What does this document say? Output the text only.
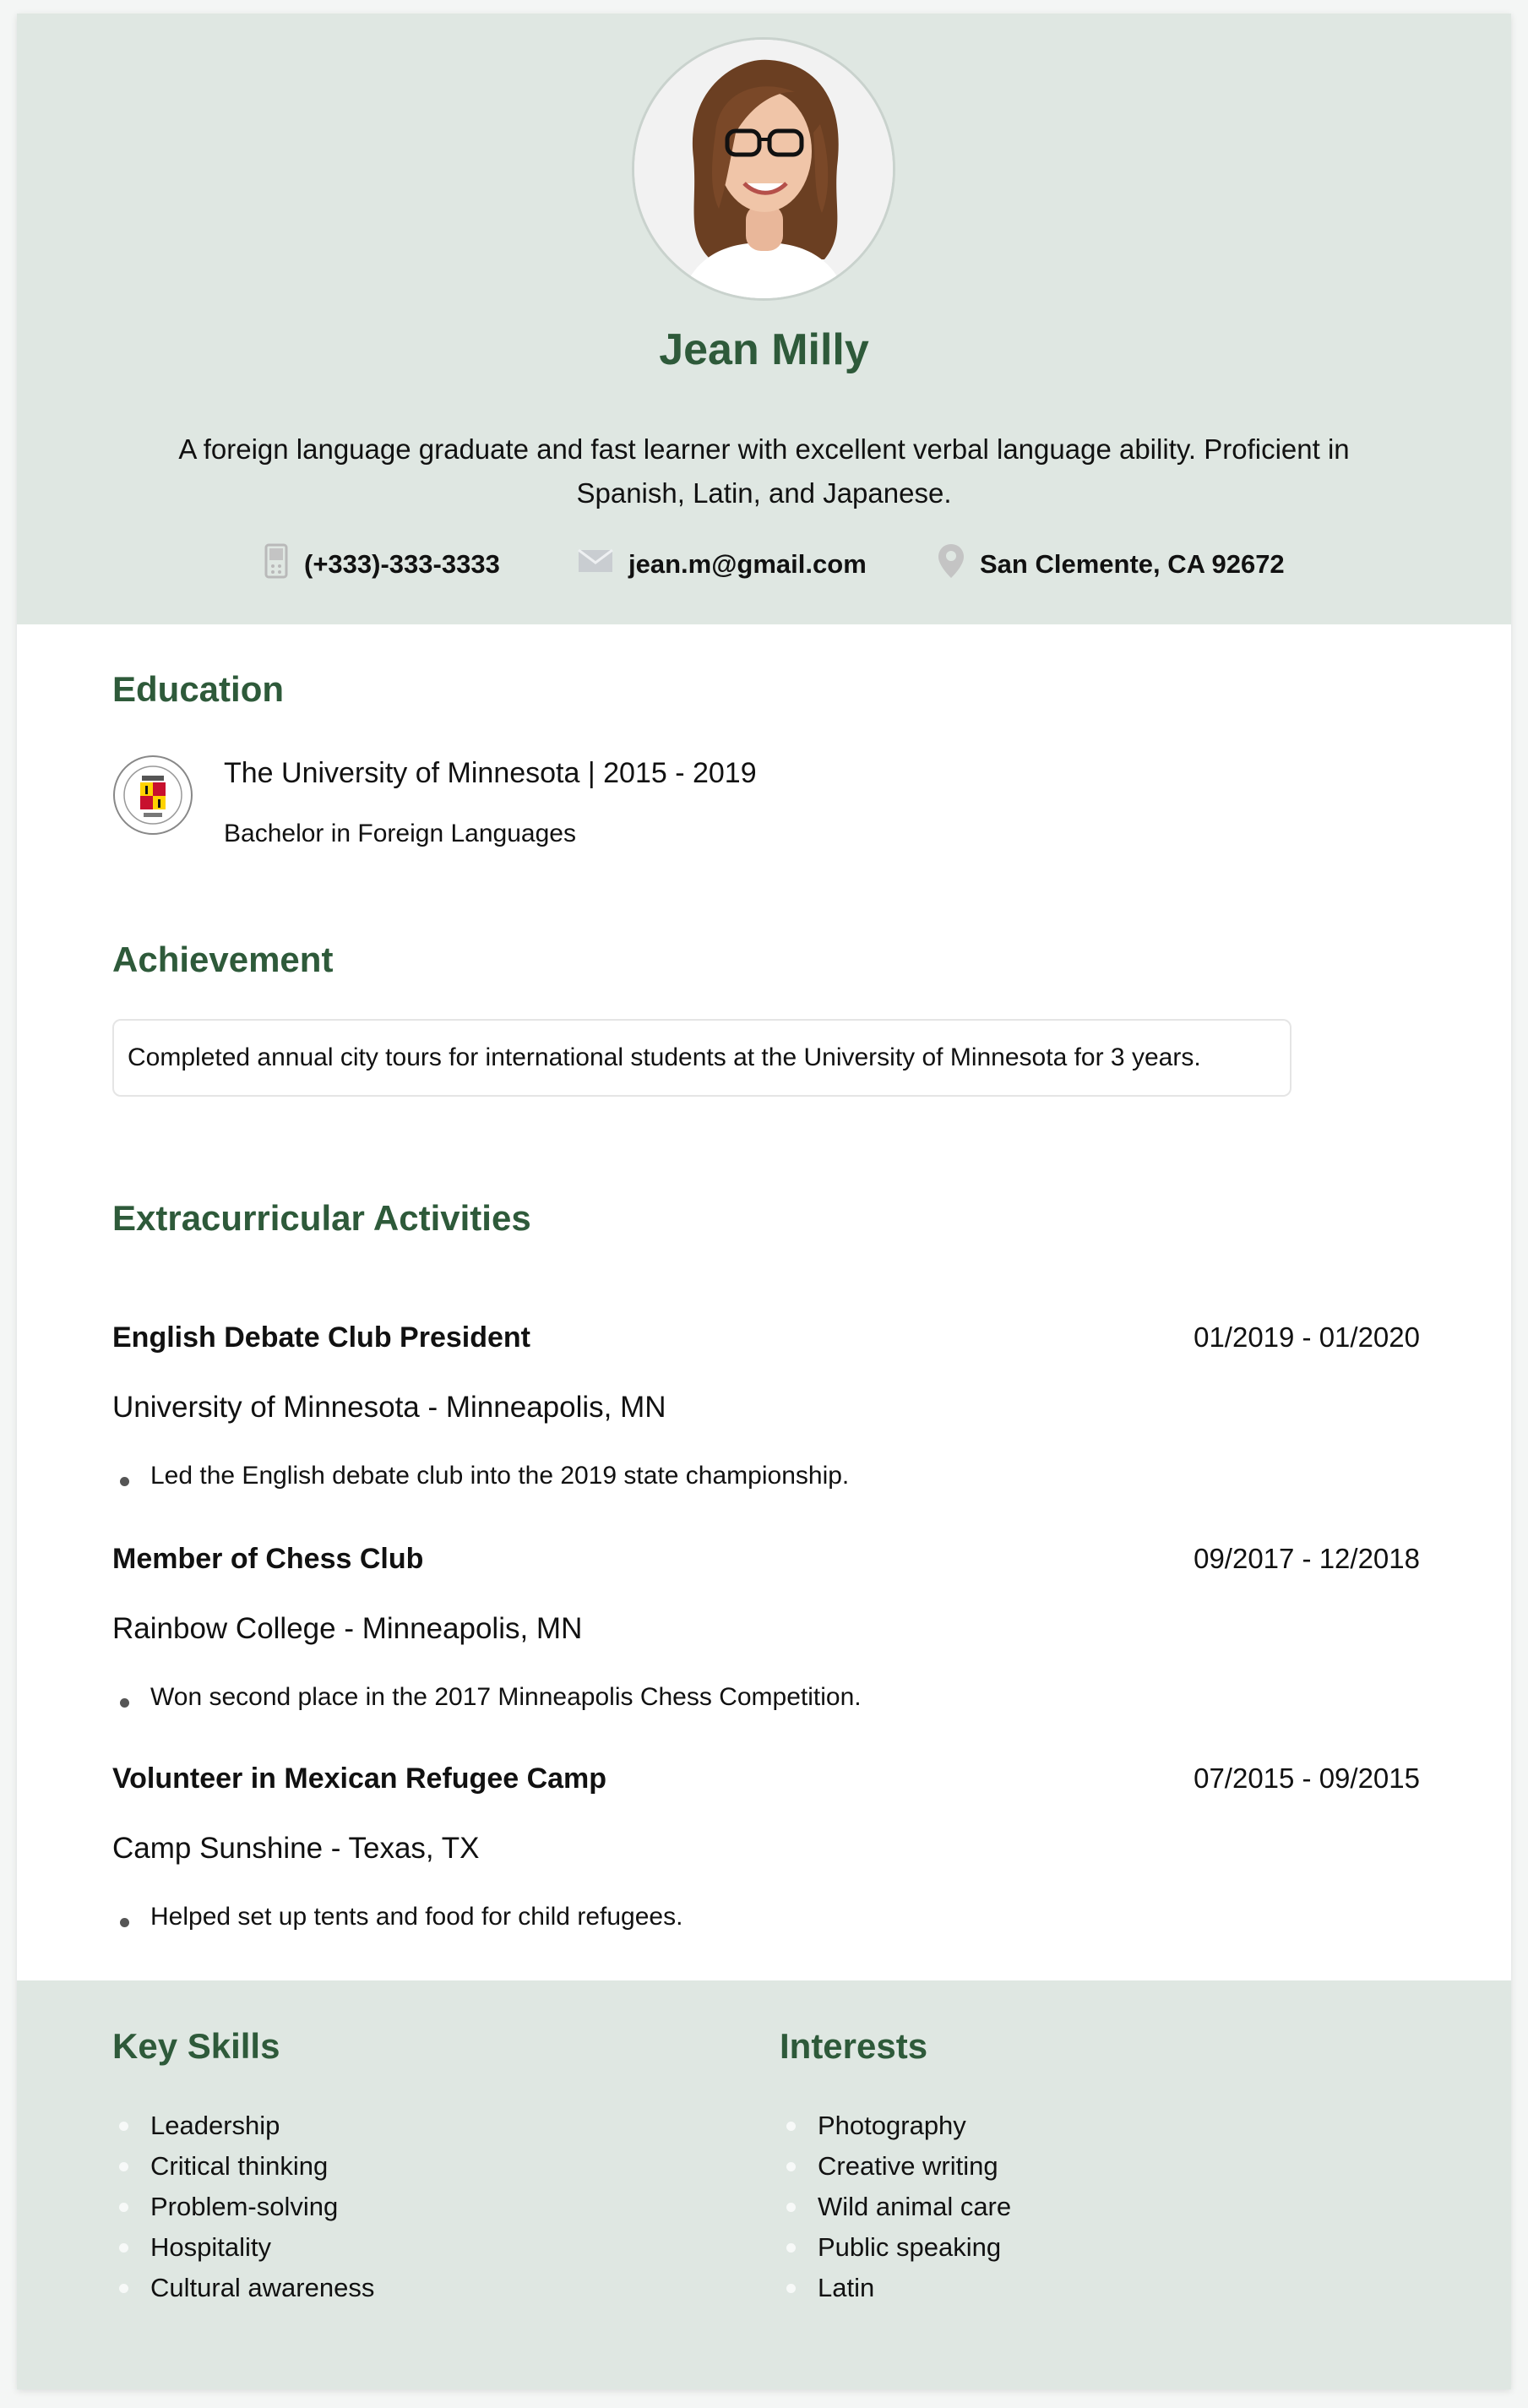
Jean Milly
A foreign language graduate and fast learner with excellent verbal language ability. Proficient in Spanish, Latin, and Japanese.
(+333)-333-3333	jean.m@gmail.com	San Clemente, CA 92672
Education
The University of Minnesota | 2015 - 2019
Bachelor in Foreign Languages
Achievement
Completed annual city tours for international students at the University of Minnesota for 3 years.
Extracurricular Activities
English Debate Club President	01/2019 - 01/2020
University of Minnesota - Minneapolis, MN
Led the English debate club into the 2019 state championship.
Member of Chess Club	09/2017 - 12/2018
Rainbow College - Minneapolis, MN
Won second place in the 2017 Minneapolis Chess Competition.
Volunteer in Mexican Refugee Camp	07/2015 - 09/2015
Camp Sunshine - Texas, TX
Helped set up tents and food for child refugees.
Key Skills
Leadership
Critical thinking
Problem-solving
Hospitality
Cultural awareness
Interests
Photography
Creative writing
Wild animal care
Public speaking
Latin
